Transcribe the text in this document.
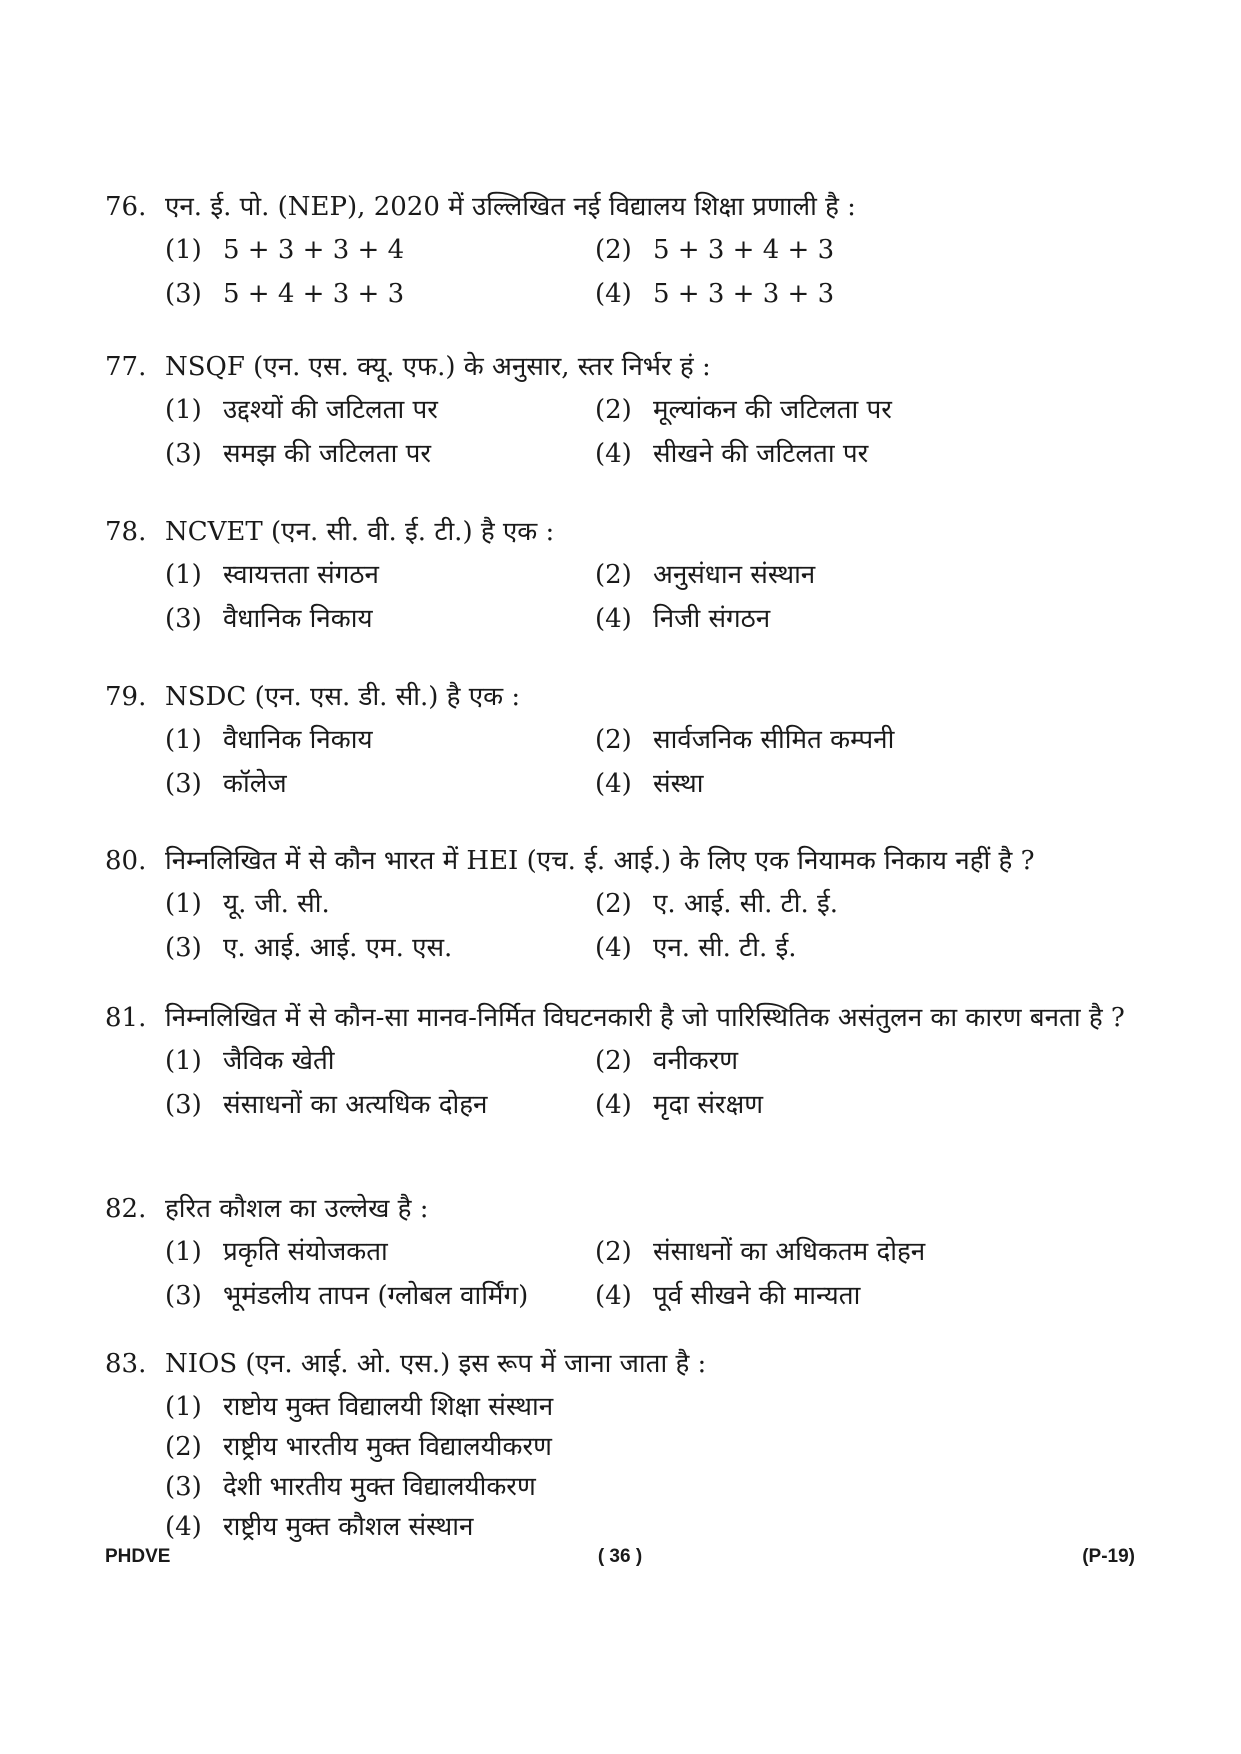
76. एन. ई. पो. (NEP), 2020 में उल्लिखित नई विद्यालय शिक्षा प्रणाली है :
(1) 5 + 3 + 3 + 4	(2) 5 + 3 + 4 + 3
(3) 5 + 4 + 3 + 3	(4) 5 + 3 + 3 + 3
77. NSQF (एन. एस. क्यू. एफ.) के अनुसार, स्तर निर्भर हं :
(1) उद्दश्यों की जटिलता पर	(2) मूल्यांकन की जटिलता पर
(3) समझ की जटिलता पर	(4) सीखने की जटिलता पर
78. NCVET (एन. सी. वी. ई. टी.) है एक :
(1) स्वायत्तता संगठन	(2) अनुसंधान संस्थान
(3) वैधानिक निकाय	(4) निजी संगठन
79. NSDC (एन. एस. डी. सी.) है एक :
(1) वैधानिक निकाय	(2) सार्वजनिक सीमित कम्पनी
(3) कॉलेज	(4) संस्था
80. निम्नलिखित में से कौन भारत में HEI (एच. ई. आई.) के लिए एक नियामक निकाय नहीं है ?
(1) यू. जी. सी.	(2) ए. आई. सी. टी. ई.
(3) ए. आई. आई. एम. एस.	(4) एन. सी. टी. ई.
81. निम्नलिखित में से कौन-सा मानव-निर्मित विघटनकारी है जो पारिस्थितिक असंतुलन का कारण बनता है ?
(1) जैविक खेती	(2) वनीकरण
(3) संसाधनों का अत्यधिक दोहन	(4) मृदा संरक्षण
82. हरित कौशल का उल्लेख है :
(1) प्रकृति संयोजकता	(2) संसाधनों का अधिकतम दोहन
(3) भूमंडलीय तापन (ग्लोबल वार्मिंग)	(4) पूर्व सीखने की मान्यता
83. NIOS (एन. आई. ओ. एस.) इस रूप में जाना जाता है :
(1) राष्टोय मुक्त विद्यालयी शिक्षा संस्थान
(2) राष्ट्रीय भारतीय मुक्त विद्यालयीकरण
(3) देशी भारतीय मुक्त विद्यालयीकरण
(4) राष्ट्रीय मुक्त कौशल संस्थान
PHDVE	( 36 )	(P-19)
